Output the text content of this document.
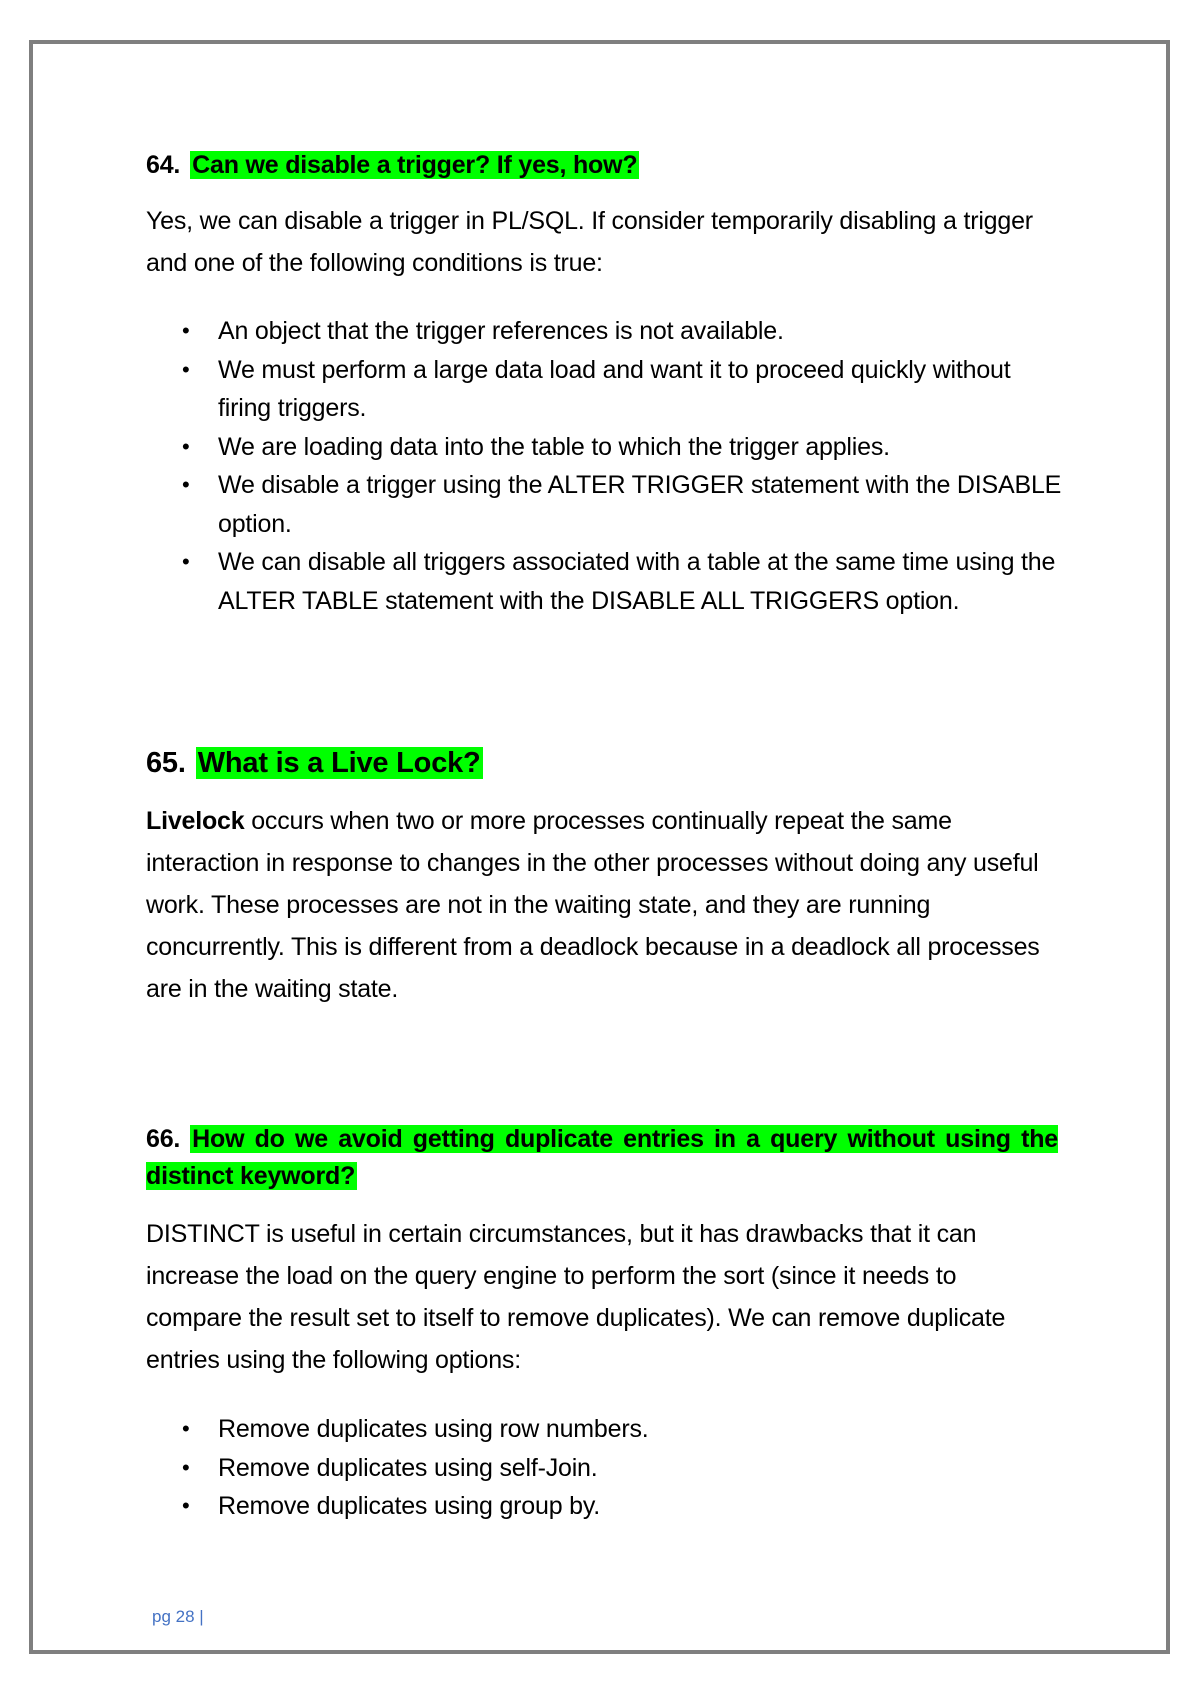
64. Can we disable a trigger? If yes, how?

Yes, we can disable a trigger in PL/SQL. If consider temporarily disabling a trigger and one of the following conditions is true:

• An object that the trigger references is not available.
• We must perform a large data load and want it to proceed quickly without firing triggers.
• We are loading data into the table to which the trigger applies.
• We disable a trigger using the ALTER TRIGGER statement with the DISABLE option.
• We can disable all triggers associated with a table at the same time using the ALTER TABLE statement with the DISABLE ALL TRIGGERS option.
65. What is a Live Lock?

Livelock occurs when two or more processes continually repeat the same interaction in response to changes in the other processes without doing any useful work. These processes are not in the waiting state, and they are running concurrently. This is different from a deadlock because in a deadlock all processes are in the waiting state.

66. How do we avoid getting duplicate entries in a query without using the distinct keyword?

DISTINCT is useful in certain circumstances, but it has drawbacks that it can increase the load on the query engine to perform the sort (since it needs to compare the result set to itself to remove duplicates). We can remove duplicate entries using the following options:

• Remove duplicates using row numbers.
• Remove duplicates using self-Join.
• Remove duplicates using group by.
pg 28 |
